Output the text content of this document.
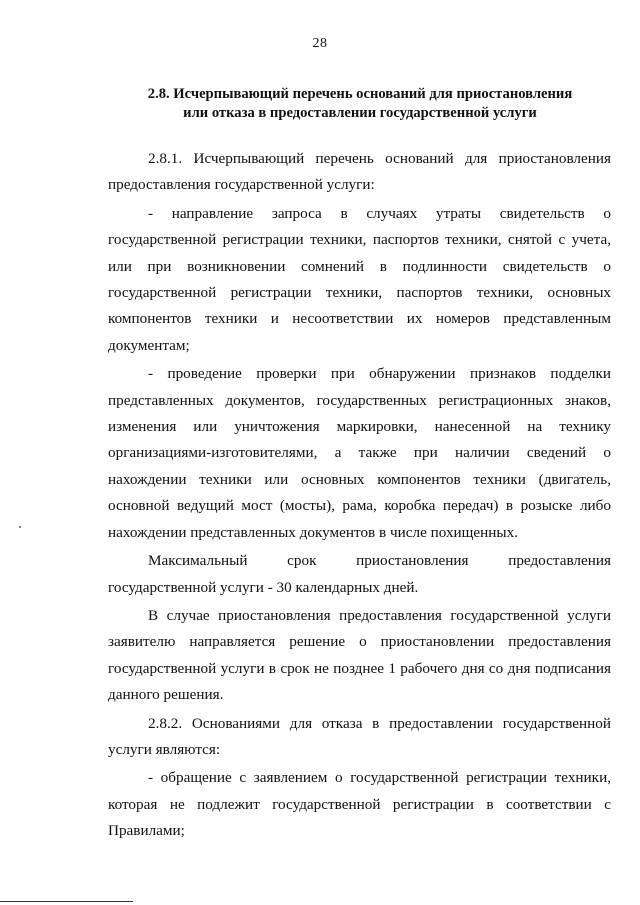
28
2.8. Исчерпывающий перечень оснований для приостановления
или отказа в предоставлении государственной услуги

2.8.1. Исчерпывающий перечень оснований для приостановления предоставления государственной услуги:

- направление запроса в случаях утраты свидетельств о государственной регистрации техники, паспортов техники, снятой с учета, или при возникновении сомнений в подлинности свидетельств о государственной регистрации техники, паспортов техники, основных компонентов техники и несоответствии их номеров представленным документам;

- проведение проверки при обнаружении признаков подделки представленных документов, государственных регистрационных знаков, изменения или уничтожения маркировки, нанесенной на технику организациями-изготовителями, а также при наличии сведений о нахождении техники или основных компонентов техники (двигатель, основной ведущий мост (мосты), рама, коробка передач) в розыске либо нахождении представленных документов в числе похищенных.

Максимальный срок приостановления предоставления государственной услуги - 30 календарных дней.

В случае приостановления предоставления государственной услуги заявителю направляется решение о приостановлении предоставления государственной услуги в срок не позднее 1 рабочего дня со дня подписания данного решения.

2.8.2. Основаниями для отказа в предоставлении государственной услуги являются:

- обращение с заявлением о государственной регистрации техники, которая не подлежит государственной регистрации в соответствии с Правилами;
